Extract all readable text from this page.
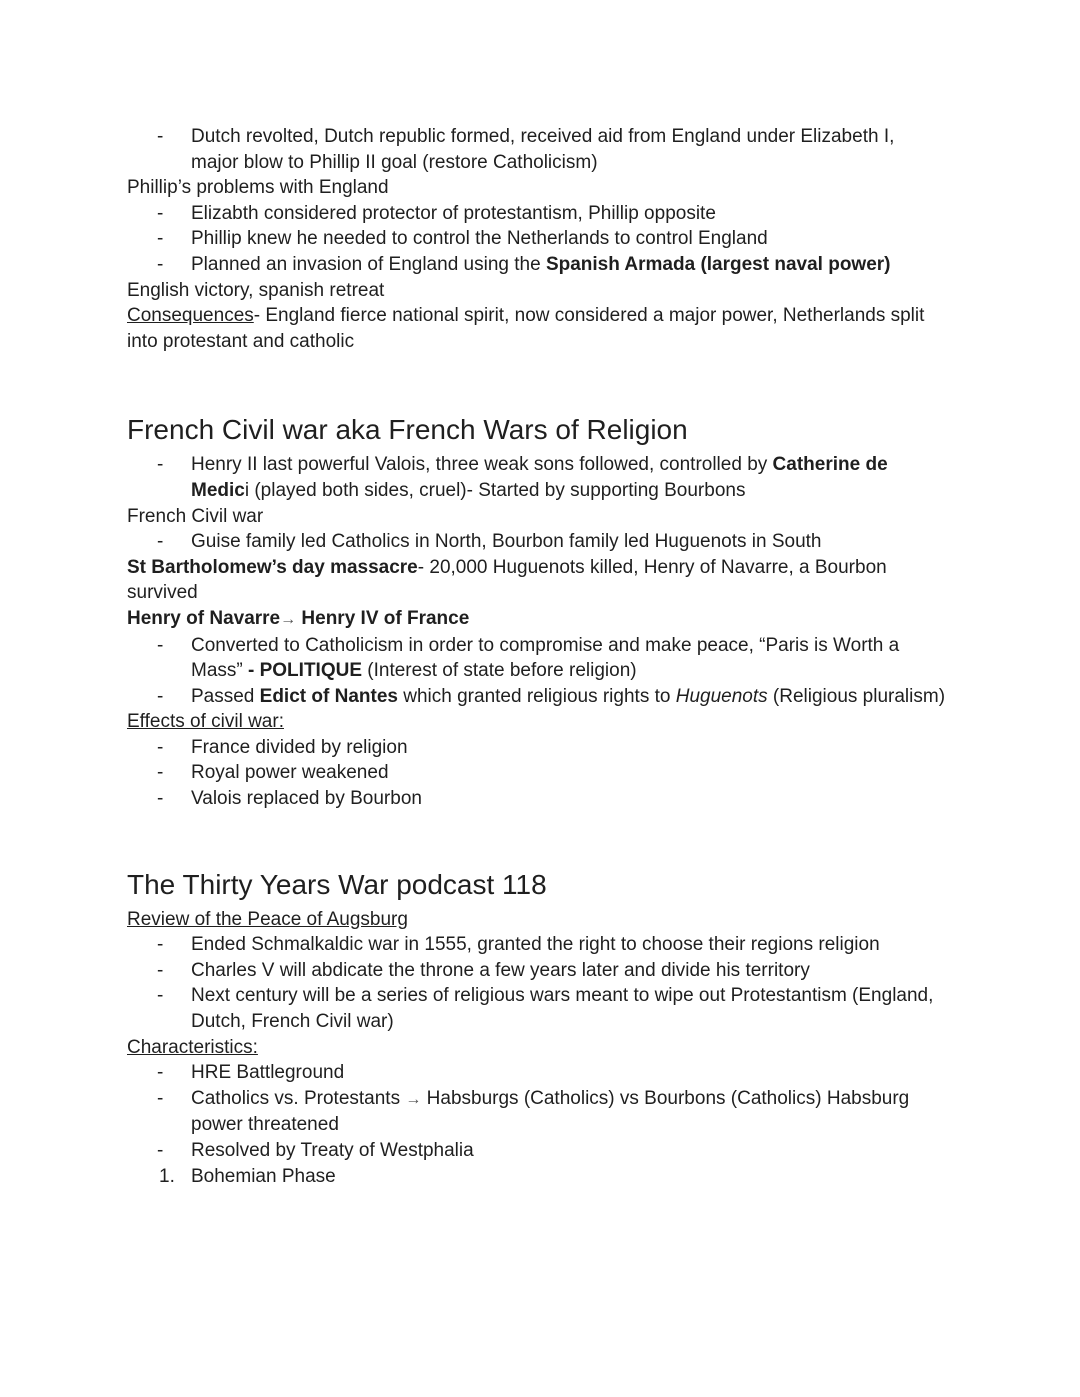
- Dutch revolted, Dutch republic formed, received aid from England under Elizabeth I, major blow to Phillip II goal (restore Catholicism)

Phillip’s problems with England

- Elizabth considered protector of protestantism, Phillip opposite
- Phillip knew he needed to control the Netherlands to control England
- Planned an invasion of England using the Spanish Armada (largest naval power)

English victory, spanish retreat

Consequences- England fierce national spirit, now considered a major power, Netherlands split into protestant and catholic

French Civil war aka French Wars of Religion
- Henry II last powerful Valois, three weak sons followed, controlled by Catherine de Medici (played both sides, cruel)- Started by supporting Bourbons

French Civil war

- Guise family led Catholics in North, Bourbon family led Huguenots in South

St Bartholomew’s day massacre- 20,000 Huguenots killed, Henry of Navarre, a Bourbon survived

Henry of Navarre→ Henry IV of France

- Converted to Catholicism in order to compromise and make peace, “Paris is Worth a Mass” - POLITIQUE (Interest of state before religion)
- Passed Edict of Nantes which granted religious rights to Huguenots (Religious pluralism)

Effects of civil war:

- France divided by religion
- Royal power weakened
- Valois replaced by Bourbon
The Thirty Years War podcast 118

Review of the Peace of Augsburg

- Ended Schmalkaldic war in 1555, granted the right to choose their regions religion
- Charles V will abdicate the throne a few years later and divide his territory
- Next century will be a series of religious wars meant to wipe out Protestantism (England, Dutch, French Civil war)

Characteristics:

- HRE Battleground
- Catholics vs. Protestants → Habsburgs (Catholics) vs Bourbons (Catholics) Habsburg power threatened
- Resolved by Treaty of Westphalia
1. Bohemian Phase
